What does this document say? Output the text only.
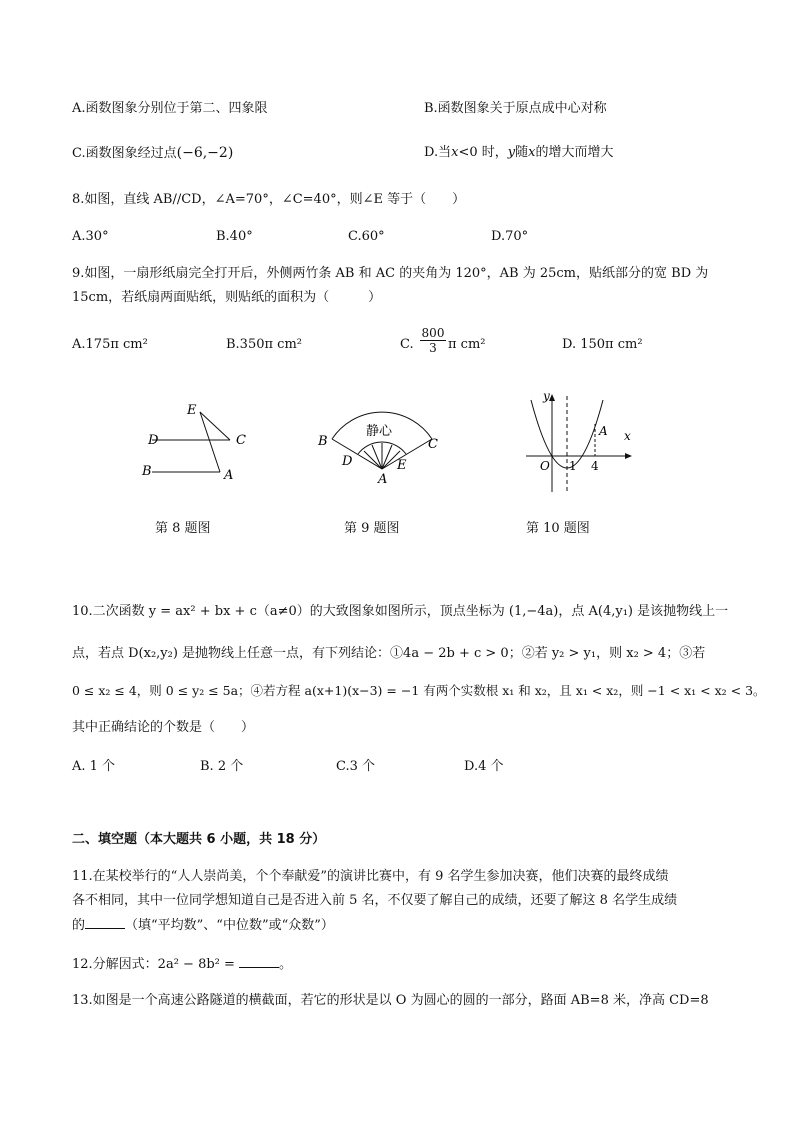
A.函数图象分别位于第二、四象限	B.函数图象关于原点成中心对称
C.函数图象经过点(−6,−2)	D.当x<0 时，y随x的增大而增大
8.如图，直线 AB//CD，∠A=70°，∠C=40°，则∠E 等于（　　）
A.30°	B.40°	C.60°	D.70°
9.如图，一扇形纸扇完全打开后，外侧两竹条 AB 和 AC 的夹角为 120°，AB 为 25cm，贴纸部分的宽 BD 为
15cm，若纸扇两面贴纸，则贴纸的面积为（　　　）
A.175π cm²	B.350π cm²	C. $\frac{800}{3}$ π cm²	D. 150π cm²
E
D	C
B	A
第 8 题图
静心
B	C
D	E
A
第 9 题图
y
x
O 1 4
A
第 10 题图
10.二次函数 y = ax² + bx + c（a≠0）的大致图象如图所示，顶点坐标为 (1,−4a)，点 A(4,y₁) 是该抛物线上一
点，若点 D(x₂,y₂) 是抛物线上任意一点，有下列结论：①4a − 2b + c > 0；②若 y₂ > y₁，则 x₂ > 4；③若
0 ≤ x₂ ≤ 4，则 0 ≤ y₂ ≤ 5a；④若方程 a(x+1)(x−3) = −1 有两个实数根 x₁ 和 x₂，且 x₁ < x₂，则 −1 < x₁ < x₂ < 3。
其中正确结论的个数是（　　）
A. 1 个	B. 2 个	C.3 个	D.4 个
二、填空题（本大题共 6 小题，共 18 分）
11.在某校举行的“人人崇尚美，个个奉献爱”的演讲比赛中，有 9 名学生参加决赛，他们决赛的最终成绩
各不相同，其中一位同学想知道自己是否进入前 5 名，不仅要了解自己的成绩，还要了解这 8 名学生成绩
的	（填“平均数”、“中位数”或“众数”）
12.分解因式：2a² − 8b² =	。
13.如图是一个高速公路隧道的横截面，若它的形状是以 O 为圆心的圆的一部分，路面 AB=8 米，净高 CD=8
